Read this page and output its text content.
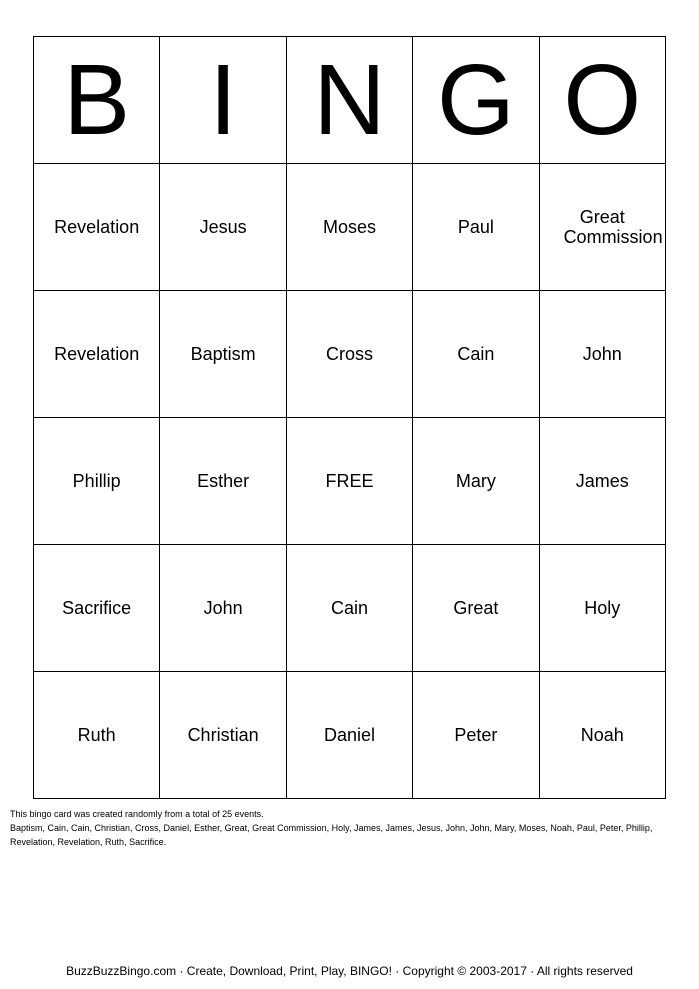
B	I	N	G	O
Revelation	Jesus	Moses	Paul	Great Commission
Revelation	Baptism	Cross	Cain	John
Phillip	Esther	FREE	Mary	James
Sacrifice	John	Cain	Great	Holy
Ruth	Christian	Daniel	Peter	Noah
This bingo card was created randomly from a total of 25 events.
Baptism, Cain, Cain, Christian, Cross, Daniel, Esther, Great, Great Commission, Holy, James, James, Jesus, John, John, Mary, Moses, Noah, Paul, Peter, Phillip, Revelation, Revelation, Ruth, Sacrifice.
BuzzBuzzBingo.com · Create, Download, Print, Play, BINGO! · Copyright © 2003-2017 · All rights reserved
